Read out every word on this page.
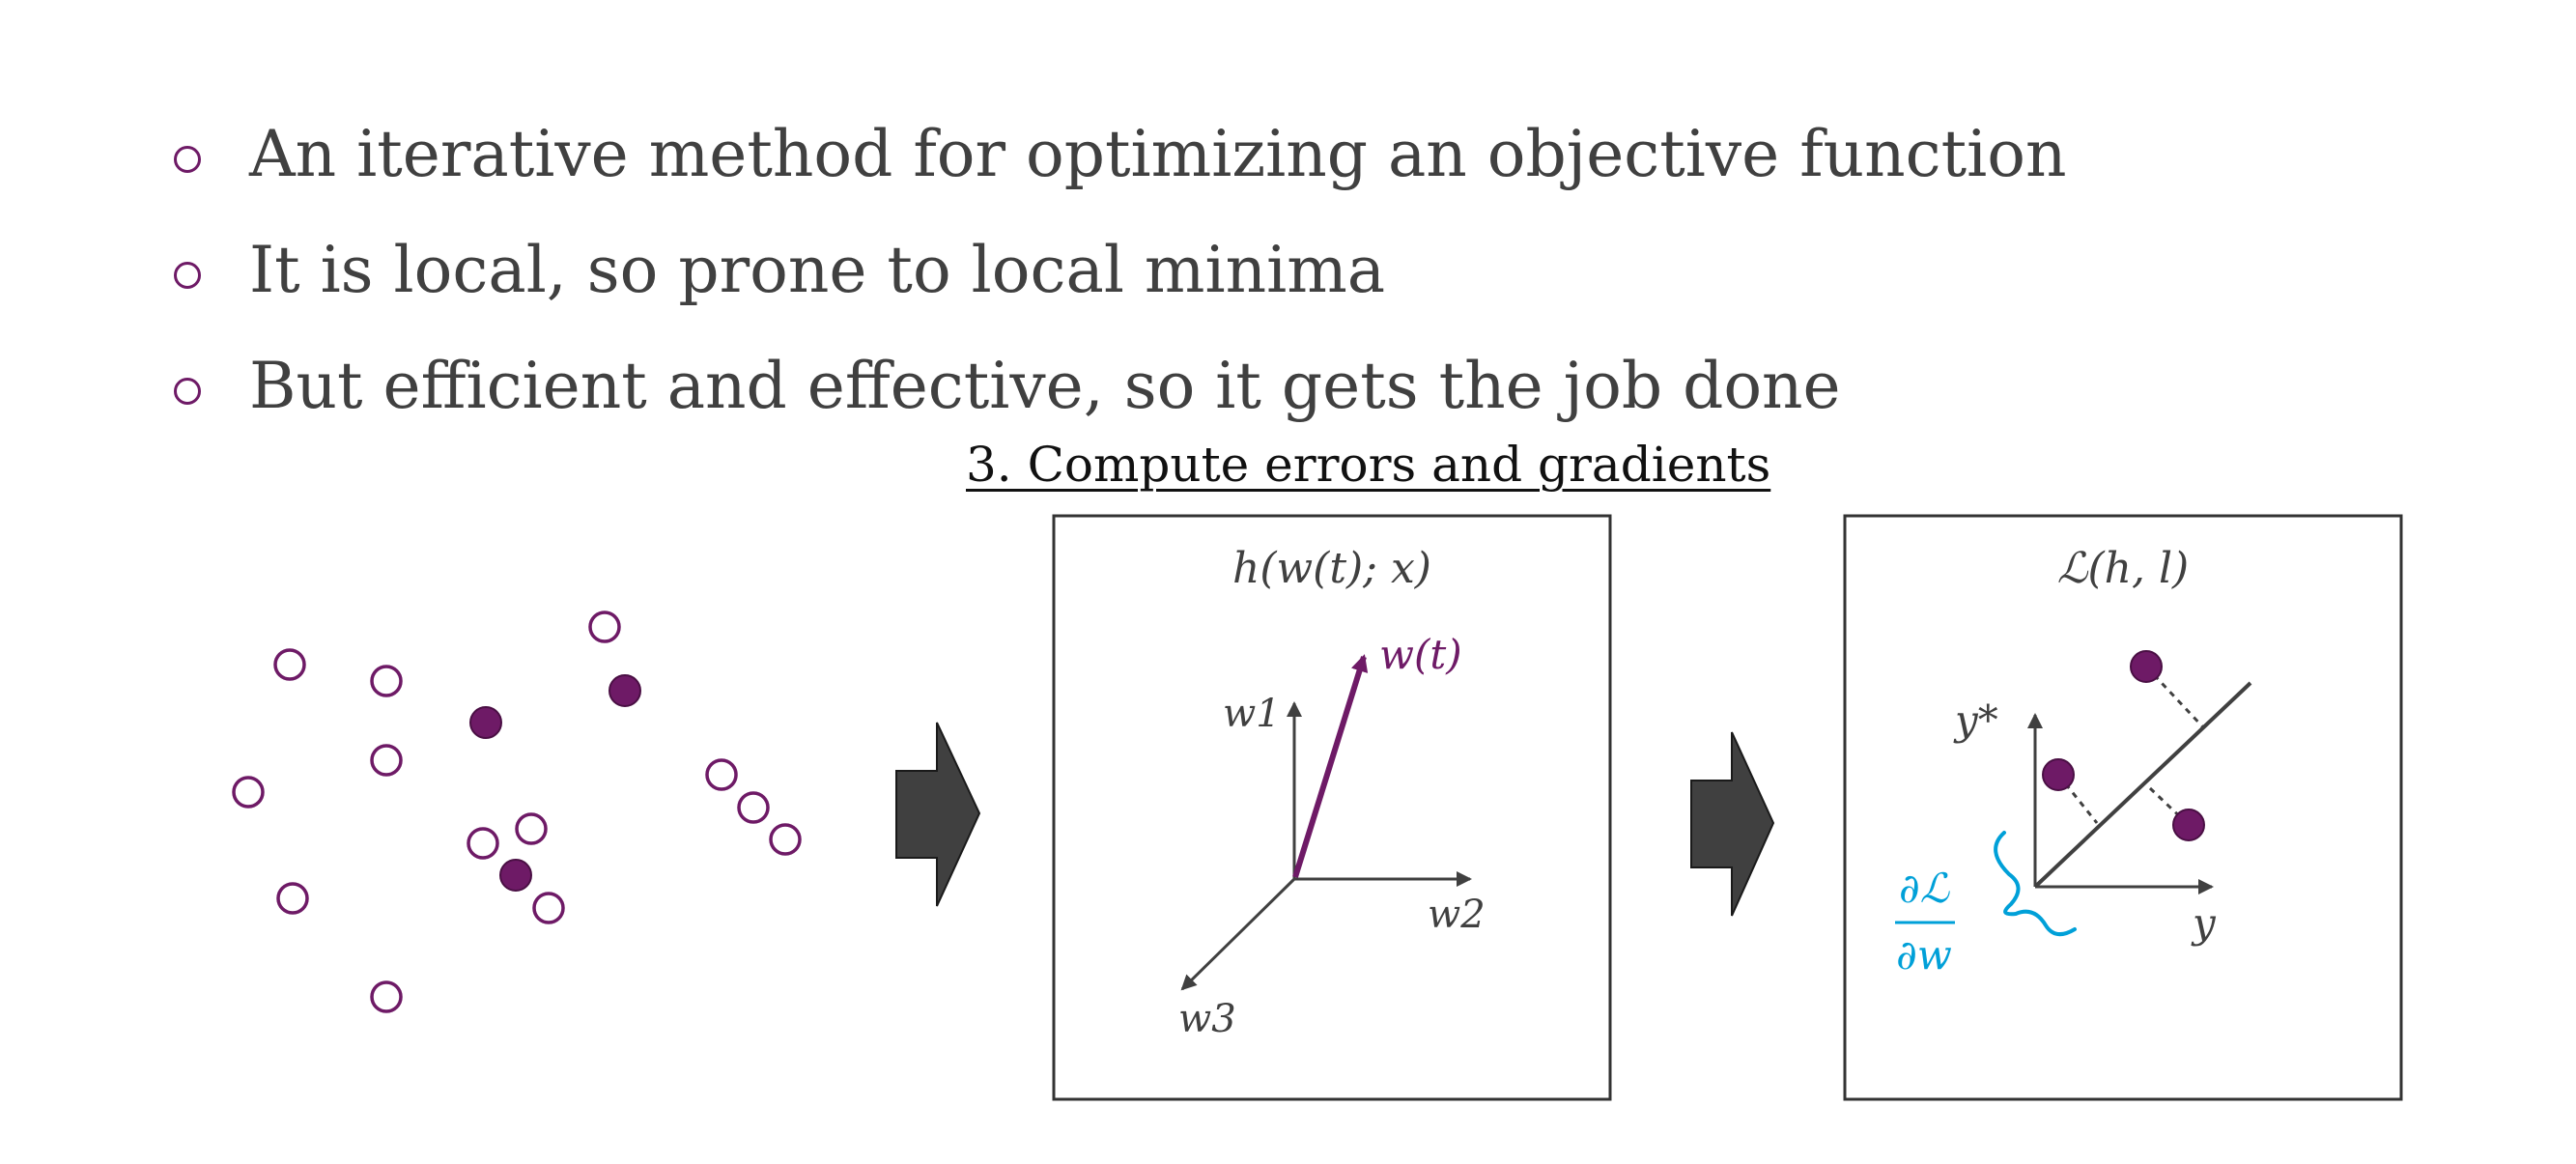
An iterative method for optimizing an objective function
It is local, so prone to local minima
But efficient and effective, so it gets the job done
3. Compute errors and gradients
h(w(t); x)
w(t)
w1
w2
w3
ℒ(h, l)
y*
y
∂ℒ
∂w
